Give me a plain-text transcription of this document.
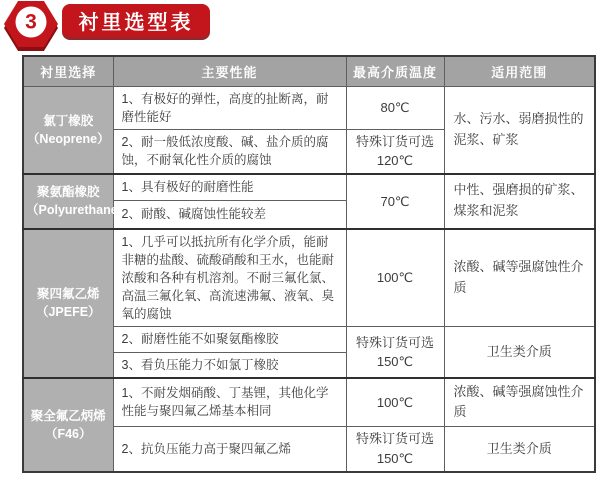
3	衬里选型表
衬里选择	主要性能	最高介质温度	适用范围

氯丁橡胶
（Neoprene）	1、有极好的弹性，高度的扯断离，耐磨性能好	80℃	水、污水、弱磨损性的泥浆、矿浆
	2、耐一般低浓度酸、碱、盐介质的腐蚀，不耐氧化性介质的腐蚀	特殊订货可选120℃	

聚氨酯橡胶
（Polyurethane）	1、具有极好的耐磨性能	70℃	中性、强磨损的矿浆、煤浆和泥浆
	2、耐酸、碱腐蚀性能较差		

聚四氟乙烯
（JPEFE）	1、几乎可以抵抗所有化学介质，能耐非糖的盐酸、硫酸硝酸和王水，也能耐浓酸和各种有机溶剂。不耐三氟化氯、高温三氟化氧、高流速沸氟、液氧、臭氧的腐蚀	100℃	浓酸、碱等强腐蚀性介质
	2、耐磨性能不如聚氨酯橡胶	特殊订货可选150℃	卫生类介质
	3、看负压能力不如氯丁橡胶		

聚全氟乙炳烯
（F46）	1、不耐发烟硝酸、丁基锂，其他化学性能与聚四氟乙烯基本相同	100℃	浓酸、碱等强腐蚀性介质
	2、抗负压能力高于聚四氟乙烯	特殊订货可选150℃	卫生类介质
